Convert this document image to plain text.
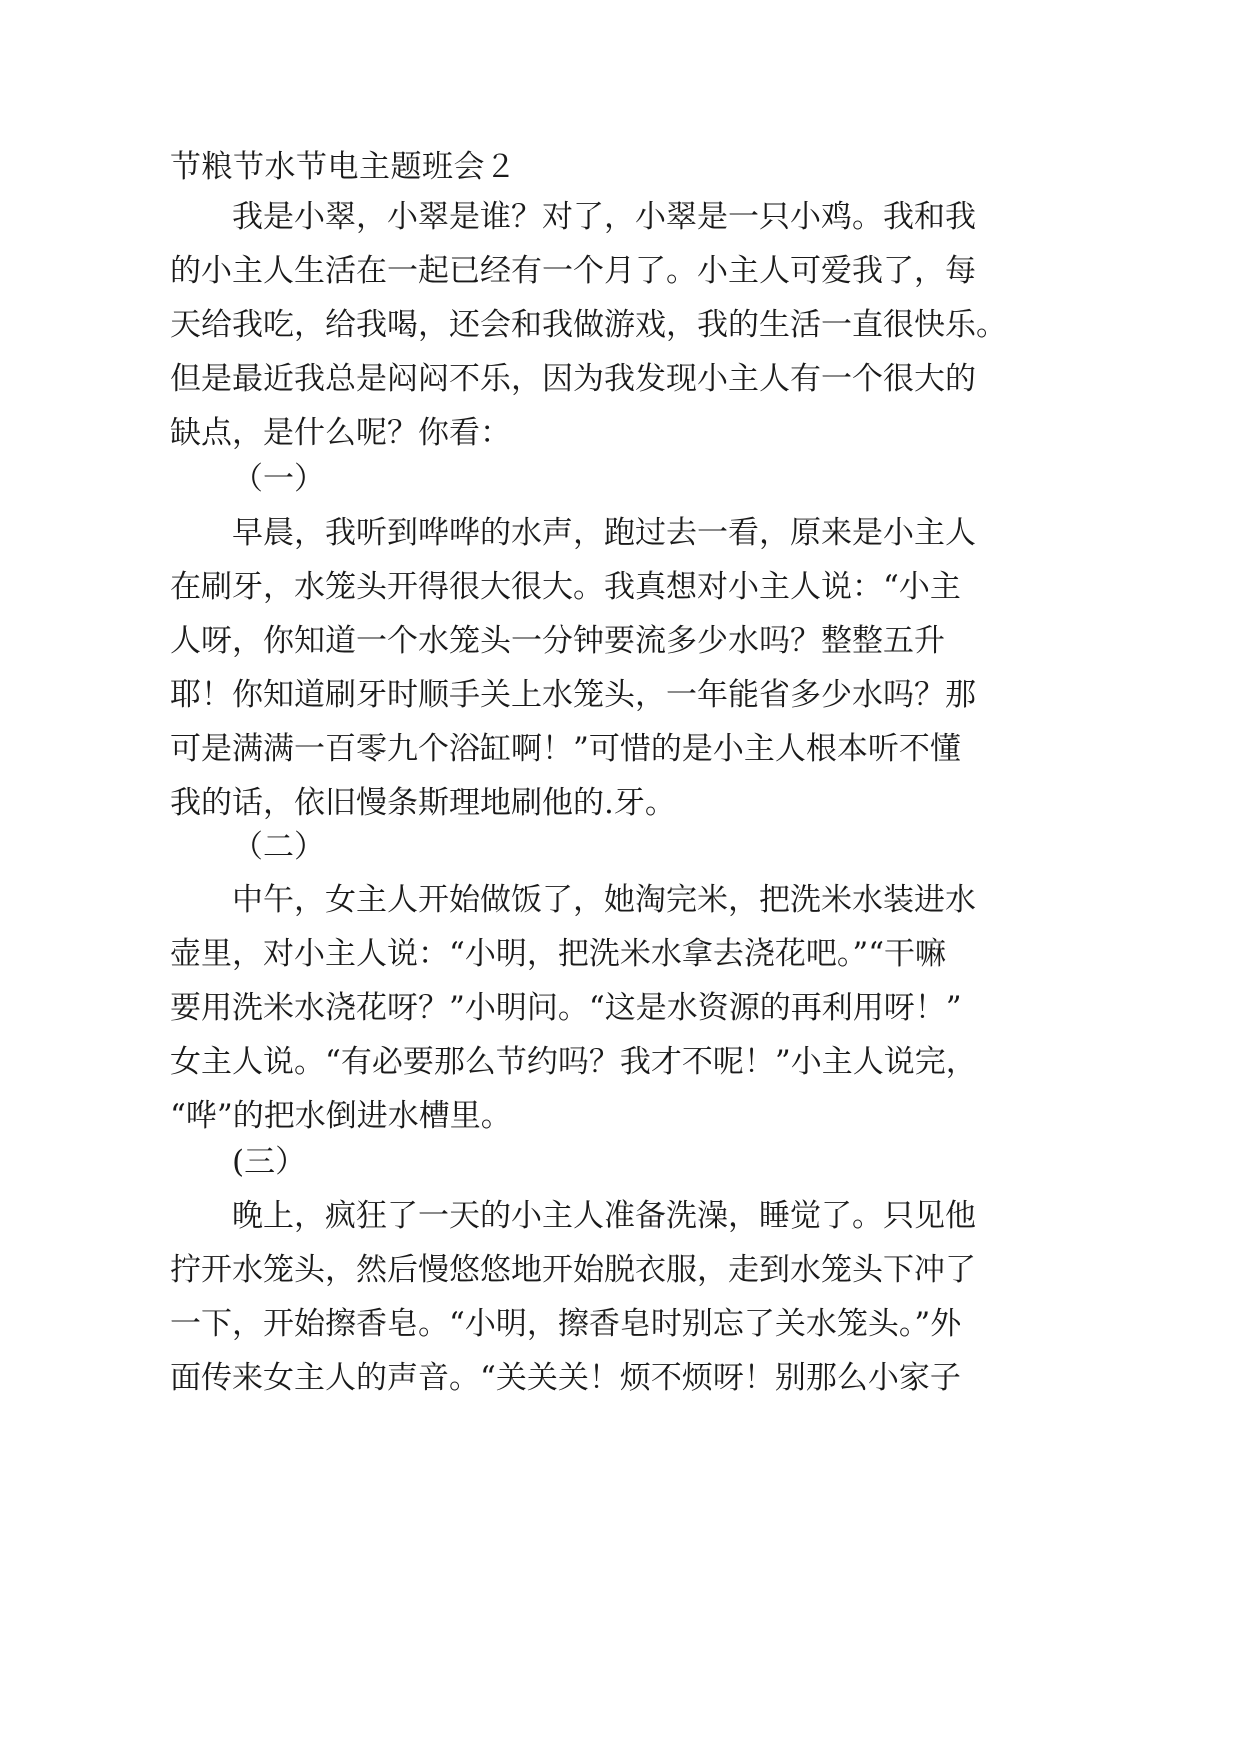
节粮节水节电主题班会２

我是小翠，小翠是谁？对了，小翠是一只小鸡。我和我

的小主人生活在一起已经有一个月了。小主人可爱我了，每

天给我吃，给我喝，还会和我做游戏，我的生活一直很快乐。

但是最近我总是闷闷不乐，因为我发现小主人有一个很大的

缺点，是什么呢？你看：

（一）

早晨，我听到哗哗的水声，跑过去一看，原来是小主人

在刷牙，水笼头开得很大很大。我真想对小主人说：“小主

人呀，你知道一个水笼头一分钟要流多少水吗？整整五升

耶！你知道刷牙时顺手关上水笼头，一年能省多少水吗？那

可是满满一百零九个浴缸啊！”可惜的是小主人根本听不懂

我的话，依旧慢条斯理地刷他的.牙。

（二）

中午，女主人开始做饭了，她淘完米，把洗米水装进水

壶里，对小主人说：“小明，把洗米水拿去浇花吧。”“干嘛

要用洗米水浇花呀？”小明问。“这是水资源的再利用呀！”

女主人说。“有必要那么节约吗？我才不呢！”小主人说完，

“哗”的把水倒进水槽里。

(三）

晚上，疯狂了一天的小主人准备洗澡，睡觉了。只见他

拧开水笼头，然后慢悠悠地开始脱衣服，走到水笼头下冲了

一下，开始擦香皂。“小明，擦香皂时别忘了关水笼头。”外

面传来女主人的声音。“关关关！烦不烦呀！别那么小家子
